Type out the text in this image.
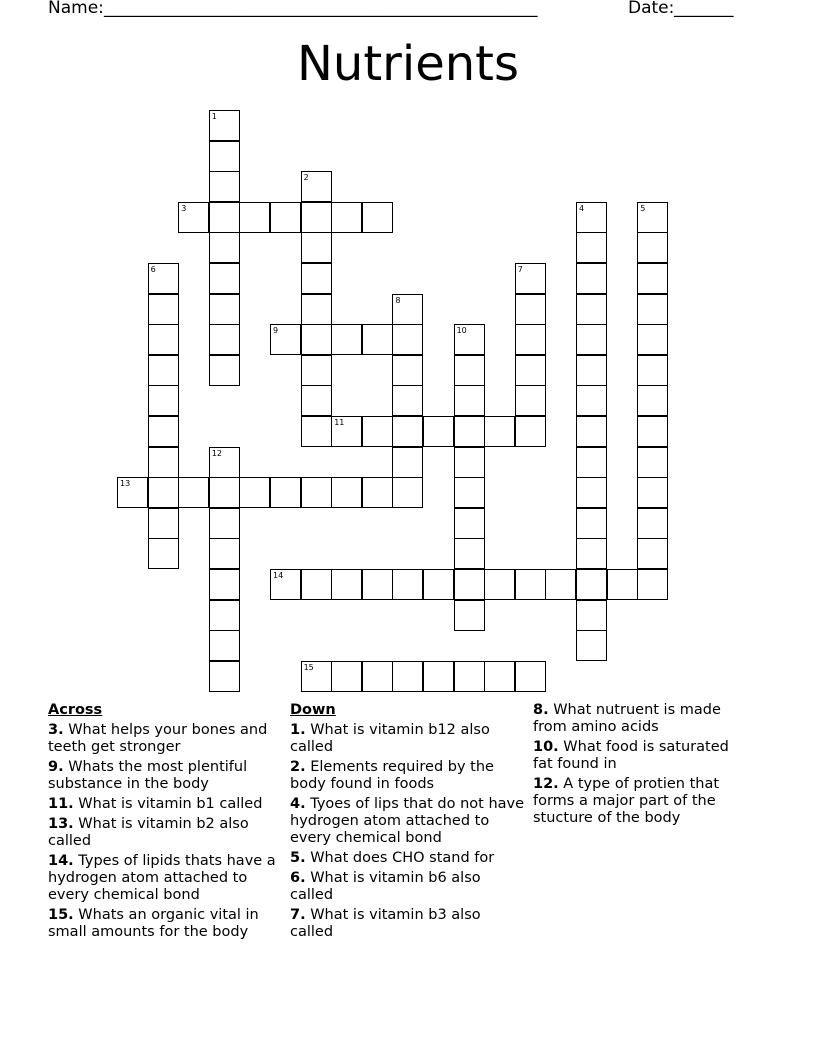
Name: ___________________________________________________	Date: _______
Nutrients
1
2
3	4	5
6	7
8
9	10
11
12
13
14
15
Across
3. What helps your bones and teeth get stronger
9. Whats the most plentiful substance in the body
11. What is vitamin b1 called
13. What is vitamin b2 also called
14. Types of lipids thats have a hydrogen atom attached to every chemical bond
15. Whats an organic vital in small amounts for the body
Down
1. What is vitamin b12 also called
2. Elements required by the body found in foods
4. Tyoes of lips that do not have hydrogen atom attached to every chemical bond
5. What does CHO stand for
6. What is vitamin b6 also called
7. What is vitamin b3 also called
8. What nutruent is made from amino acids
10. What food is saturated fat found in
12. A type of protien that forms a major part of the stucture of the body
